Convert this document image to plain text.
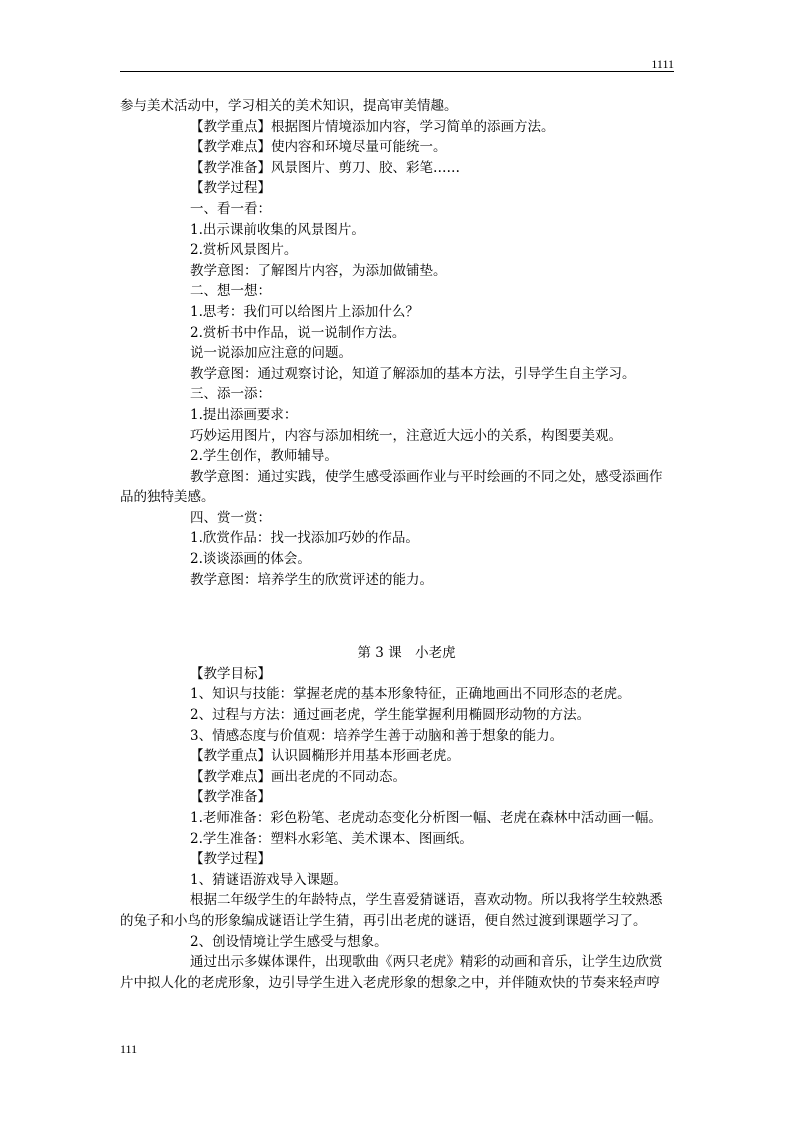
1111
参与美术活动中，学习相关的美术知识，提高审美情趣。
【教学重点】根据图片情境添加内容，学习简单的添画方法。
【教学难点】使内容和环境尽量可能统一。
【教学准备】风景图片、剪刀、胶、彩笔……
【教学过程】
一、看一看：
1.出示课前收集的风景图片。
2.赏析风景图片。
教学意图：了解图片内容，为添加做铺垫。
二、想一想：
1.思考：我们可以给图片上添加什么？
2.赏析书中作品，说一说制作方法。
说一说添加应注意的问题。
教学意图：通过观察讨论，知道了解添加的基本方法，引导学生自主学习。
三、添一添：
1.提出添画要求：
巧妙运用图片，内容与添加相统一，注意近大远小的关系，构图要美观。
2.学生创作，教师辅导。
教学意图：通过实践，使学生感受添画作业与平时绘画的不同之处，感受添画作
品的独特美感。
四、赏一赏：
1.欣赏作品：找一找添加巧妙的作品。
2.谈谈添画的体会。
教学意图：培养学生的欣赏评述的能力。
第 3 课　小老虎
【教学目标】
1、知识与技能：掌握老虎的基本形象特征，正确地画出不同形态的老虎。
2、过程与方法：通过画老虎，学生能掌握利用椭圆形动物的方法。
3、情感态度与价值观：培养学生善于动脑和善于想象的能力。
【教学重点】认识圆椭形并用基本形画老虎。
【教学难点】画出老虎的不同动态。
【教学准备】
1.老师准备：彩色粉笔、老虎动态变化分析图一幅、老虎在森林中活动画一幅。
2.学生准备：塑料水彩笔、美术课本、图画纸。
【教学过程】
1、猜谜语游戏导入课题。
根据二年级学生的年龄特点，学生喜爱猜谜语，喜欢动物。所以我将学生较熟悉
的兔子和小鸟的形象编成谜语让学生猜，再引出老虎的谜语，便自然过渡到课题学习了。
2、创设情境让学生感受与想象。
通过出示多媒体课件，出现歌曲《两只老虎》精彩的动画和音乐，让学生边欣赏
片中拟人化的老虎形象，边引导学生进入老虎形象的想象之中，并伴随欢快的节奏来轻声哼
111
